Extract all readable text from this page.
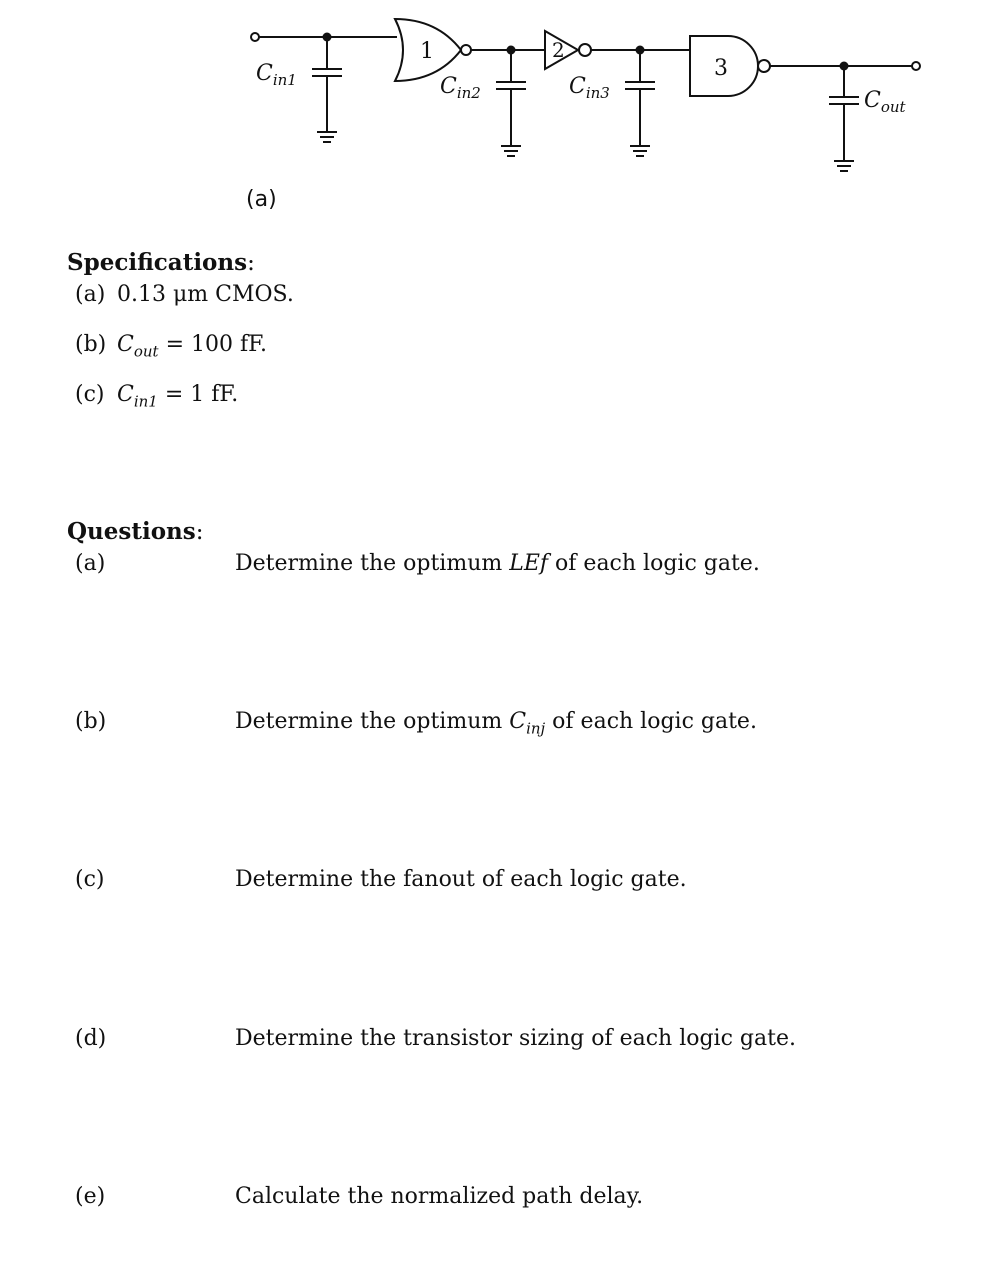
$C_{in1}$
1
$C_{in2}$
2
$C_{in3}$
3
$C_{out}$
(a)
Specifications:
(a) 0.13 μm CMOS.
(b) $C_{out} = 100$ fF.
(c) $C_{in1} = 1$ fF.
Questions:
(a)	Determine the optimum LEf of each logic gate.
(b)	Determine the optimum $C_{inj}$ of each logic gate.
(c)	Determine the fanout of each logic gate.
(d)	Determine the transistor sizing of each logic gate.
(e)	Calculate the normalized path delay.
